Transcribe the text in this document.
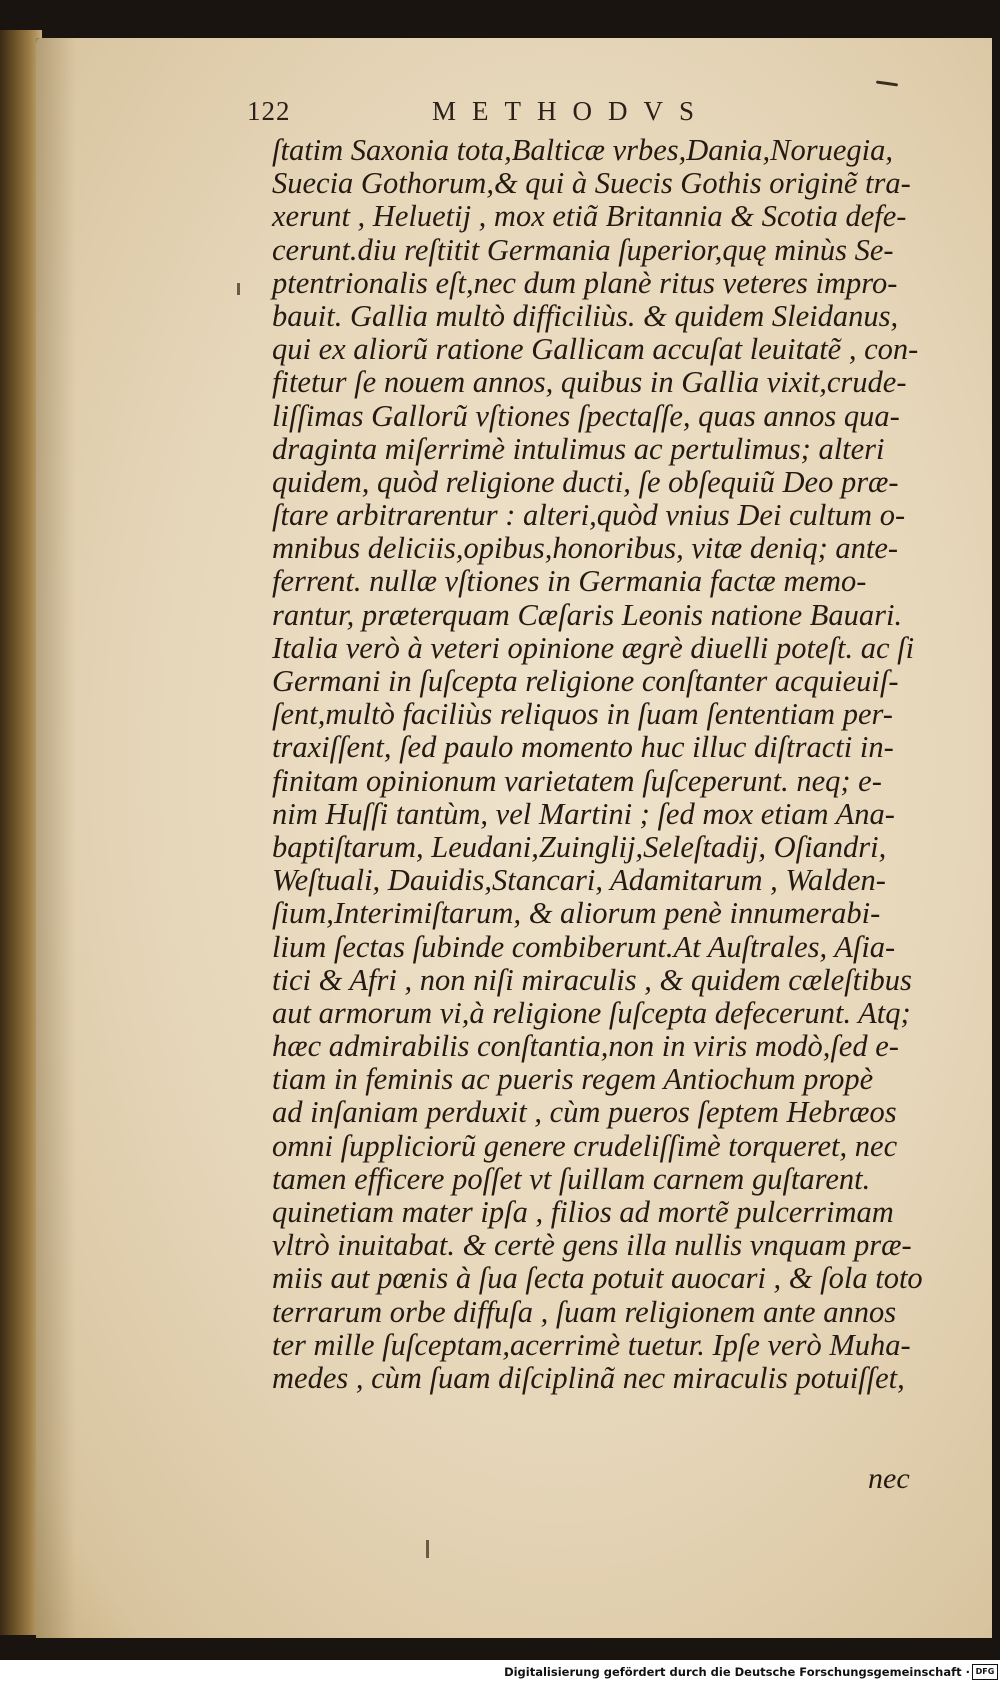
122	METHODVS
ſtatim Saxonia tota,Balticæ vrbes,Dania,Noruegia,
Suecia Gothorum,& qui à Suecis Gothis originẽ tra-
xerunt , Heluetij , mox etiã Britannia & Scotia defe-
cerunt.diu reſtitit Germania ſuperior,quę minùs Se-
ptentrionalis eſt,nec dum planè ritus veteres impro-
bauit. Gallia multò difficiliùs. & quidem Sleidanus,
qui ex aliorũ ratione Gallicam accuſat leuitatẽ , con-
fitetur ſe nouem annos, quibus in Gallia vixit,crude-
liſſimas Gallorũ vſtiones ſpectaſſe, quas annos qua-
draginta miſerrimè intulimus ac pertulimus; alteri
quidem, quòd religione ducti, ſe obſequiũ Deo præ-
ſtare arbitrarentur : alteri,quòd vnius Dei cultum o-
mnibus deliciis,opibus,honoribus, vitæ deniq; ante-
ferrent. nullæ vſtiones in Germania factæ memo-
rantur, præterquam Cæſaris Leonis natione Bauari.
Italia verò à veteri opinione ægrè diuelli poteſt. ac ſi
Germani in ſuſcepta religione conſtanter acquieuiſ-
ſent,multò faciliùs reliquos in ſuam ſententiam per-
traxiſſent, ſed paulo momento huc illuc diſtracti in-
finitam opinionum varietatem ſuſceperunt. neq; e-
nim Huſſi tantùm, vel Martini ; ſed mox etiam Ana-
baptiſtarum, Leudani,Zuinglij,Seleſtadij, Oſiandri,
Weſtuali, Dauidis,Stancari, Adamitarum , Walden-
ſium,Interimiſtarum, & aliorum penè innumerabi-
lium ſectas ſubinde combiberunt.At Auſtrales, Aſia-
tici & Afri , non niſi miraculis , & quidem cæleſtibus
aut armorum vi,à religione ſuſcepta defecerunt. Atq;
hæc admirabilis conſtantia,non in viris modò,ſed e-
tiam in feminis ac pueris regem Antiochum propè
ad inſaniam perduxit , cùm pueros ſeptem Hebræos
omni ſuppliciorũ genere crudeliſſimè torqueret, nec
tamen efficere poſſet vt ſuillam carnem guſtarent.
quinetiam mater ipſa , filios ad mortẽ pulcerrimam
vltrò inuitabat. & certè gens illa nullis vnquam præ-
miis aut pœnis à ſua ſecta potuit auocari , & ſola toto
terrarum orbe diffuſa , ſuam religionem ante annos
ter mille ſuſceptam,acerrimè tuetur. Ipſe verò Muha-
medes , cùm ſuam diſciplinã nec miraculis potuiſſet,
nec
Digitalisierung gefördert durch die Deutsche Forschungsgemeinschaft · DFG
